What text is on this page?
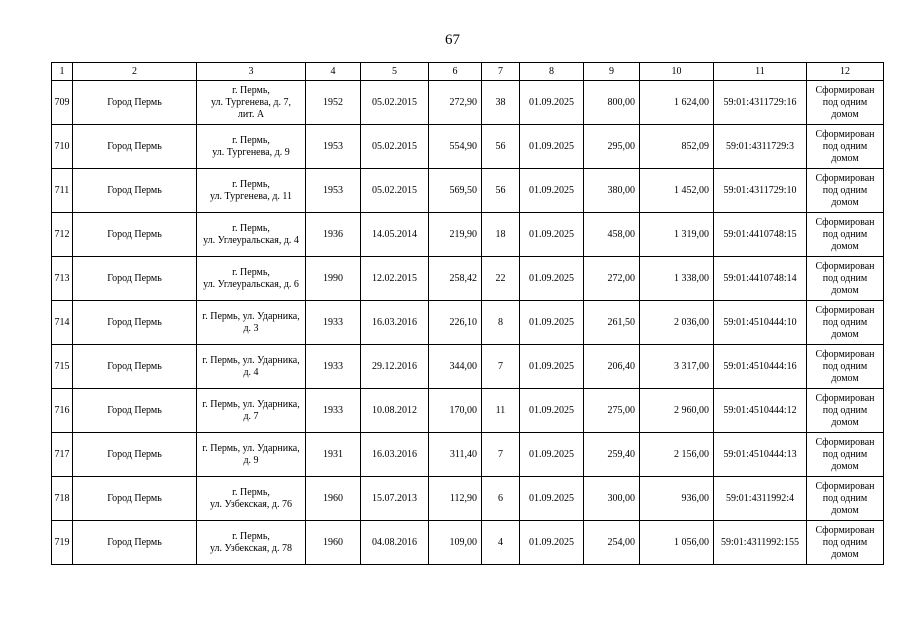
67
1	2	3	4	5	6	7	8	9	10	11	12
709	Город Пермь	г. Пермь,
ул. Тургенева, д. 7,
лит. А	1952	05.02.2015	272,90	38	01.09.2025	800,00	1 624,00	59:01:4311729:16	Сформирован
под одним
домом
710	Город Пермь	г. Пермь,
ул. Тургенева, д. 9	1953	05.02.2015	554,90	56	01.09.2025	295,00	852,09	59:01:4311729:3	Сформирован
под одним
домом
711	Город Пермь	г. Пермь,
ул. Тургенева, д. 11	1953	05.02.2015	569,50	56	01.09.2025	380,00	1 452,00	59:01:4311729:10	Сформирован
под одним
домом
712	Город Пермь	г. Пермь,
ул. Углеуральская, д. 4	1936	14.05.2014	219,90	18	01.09.2025	458,00	1 319,00	59:01:4410748:15	Сформирован
под одним
домом
713	Город Пермь	г. Пермь,
ул. Углеуральская, д. 6	1990	12.02.2015	258,42	22	01.09.2025	272,00	1 338,00	59:01:4410748:14	Сформирован
под одним
домом
714	Город Пермь	г. Пермь, ул. Ударника,
д. 3	1933	16.03.2016	226,10	8	01.09.2025	261,50	2 036,00	59:01:4510444:10	Сформирован
под одним
домом
715	Город Пермь	г. Пермь, ул. Ударника,
д. 4	1933	29.12.2016	344,00	7	01.09.2025	206,40	3 317,00	59:01:4510444:16	Сформирован
под одним
домом
716	Город Пермь	г. Пермь, ул. Ударника,
д. 7	1933	10.08.2012	170,00	11	01.09.2025	275,00	2 960,00	59:01:4510444:12	Сформирован
под одним
домом
717	Город Пермь	г. Пермь, ул. Ударника,
д. 9	1931	16.03.2016	311,40	7	01.09.2025	259,40	2 156,00	59:01:4510444:13	Сформирован
под одним
домом
718	Город Пермь	г. Пермь,
ул. Узбекская, д. 76	1960	15.07.2013	112,90	6	01.09.2025	300,00	936,00	59:01:4311992:4	Сформирован
под одним
домом
719	Город Пермь	г. Пермь,
ул. Узбекская, д. 78	1960	04.08.2016	109,00	4	01.09.2025	254,00	1 056,00	59:01:4311992:155	Сформирован
под одним
домом
